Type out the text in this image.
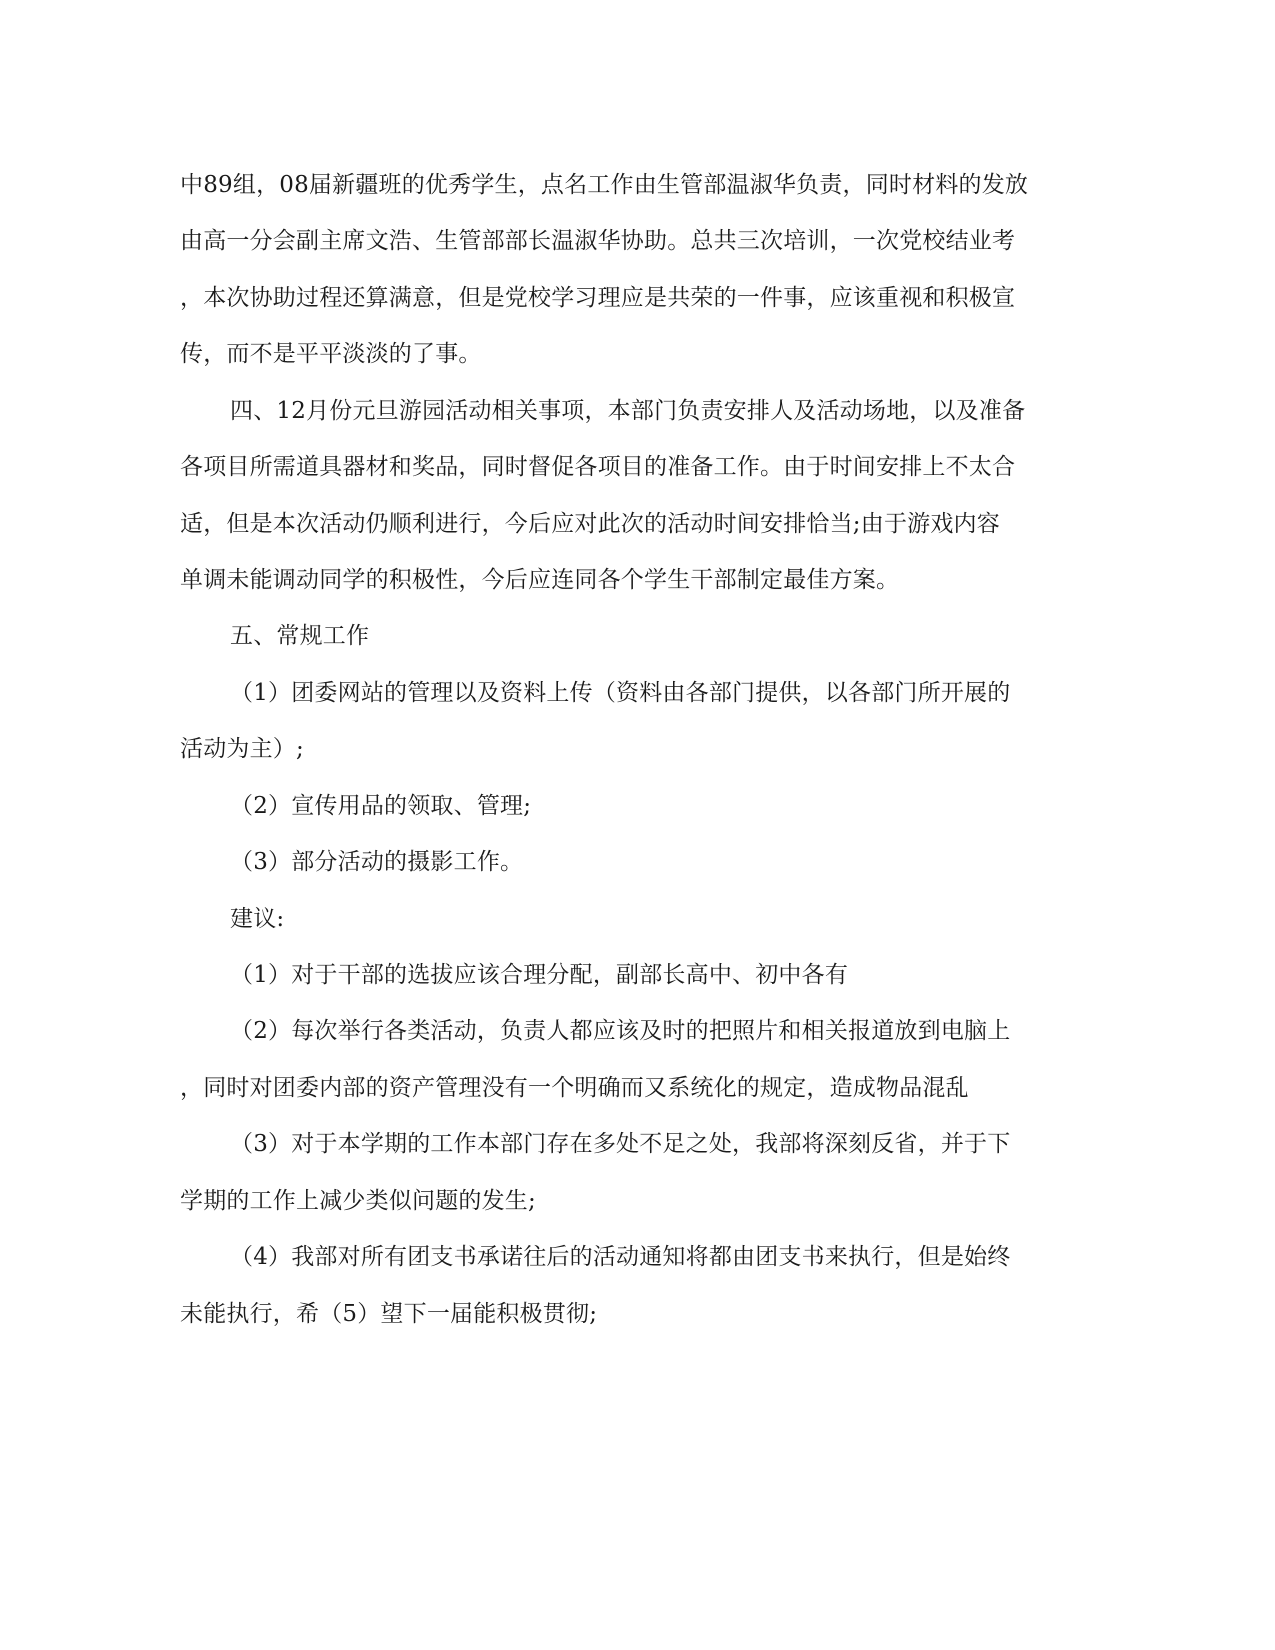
中89组，08届新疆班的优秀学生，点名工作由生管部温淑华负责，同时材料的发放
由高一分会副主席文浩、生管部部长温淑华协助。总共三次培训，一次党校结业考
，本次协助过程还算满意，但是党校学习理应是共荣的一件事，应该重视和积极宣
传，而不是平平淡淡的了事。
四、12月份元旦游园活动相关事项，本部门负责安排人及活动场地，以及准备
各项目所需道具器材和奖品，同时督促各项目的准备工作。由于时间安排上不太合
适，但是本次活动仍顺利进行，今后应对此次的活动时间安排恰当;由于游戏内容
单调未能调动同学的积极性，今后应连同各个学生干部制定最佳方案。
五、常规工作
（1）团委网站的管理以及资料上传（资料由各部门提供，以各部门所开展的
活动为主）;
（2）宣传用品的领取、管理;
（3）部分活动的摄影工作。
建议:
（1）对于干部的选拔应该合理分配，副部长高中、初中各有
（2）每次举行各类活动，负责人都应该及时的把照片和相关报道放到电脑上
，同时对团委内部的资产管理没有一个明确而又系统化的规定，造成物品混乱
（3）对于本学期的工作本部门存在多处不足之处，我部将深刻反省，并于下
学期的工作上减少类似问题的发生;
（4）我部对所有团支书承诺往后的活动通知将都由团支书来执行，但是始终
未能执行，希（5）望下一届能积极贯彻;
